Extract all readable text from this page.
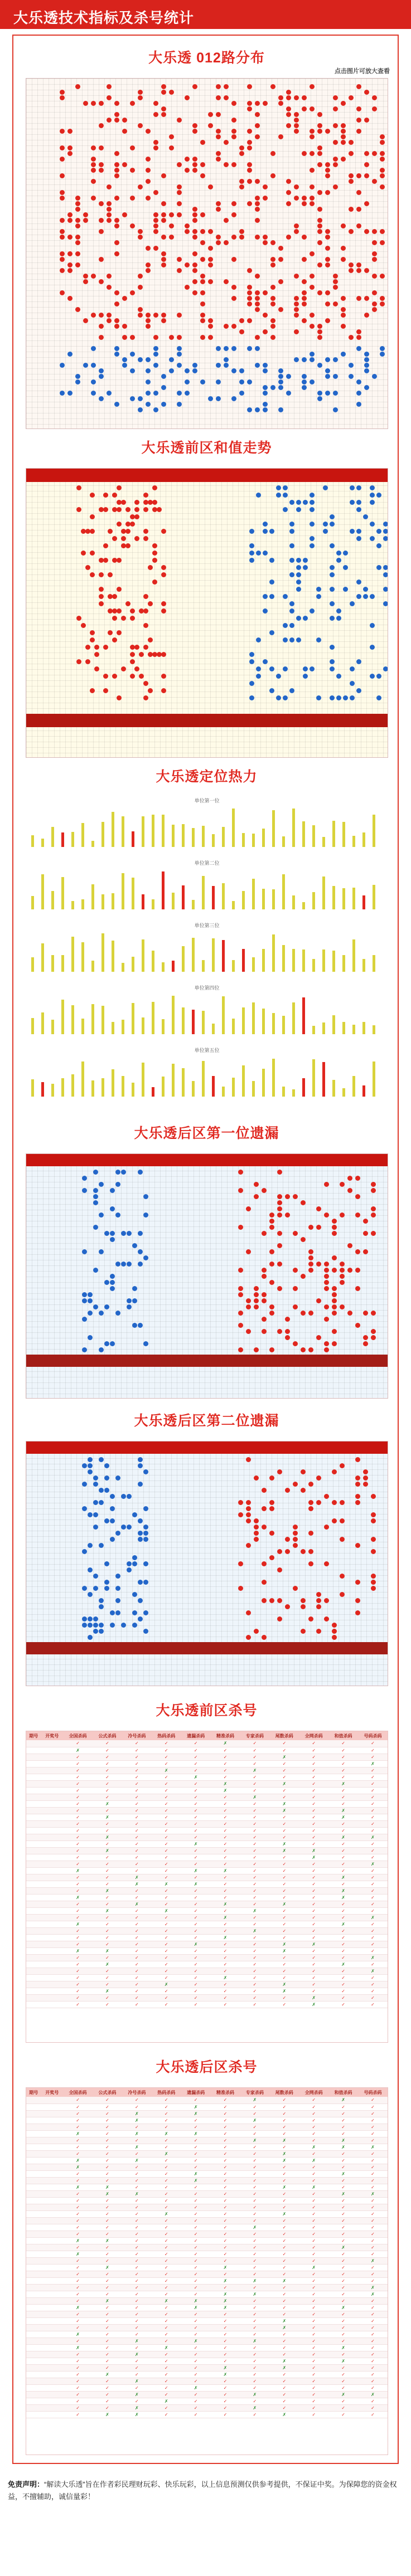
大乐透技术指标及杀号统计
大乐透 012路分布
点击图片可放大查看
大乐透前区和值走势
大乐透定位热力
单位第一位
单位第二位
单位第三位
单位第四位
单位第五位
大乐透后区第一位遗漏
大乐透后区第二位遗漏
大乐透前区杀号
期号	开奖号	全国杀码	公式杀码	冷号杀码	热码杀码	遗漏杀码	精准杀码	专家杀码	尾数杀码	全网杀码	和值杀码	号码杀码
		✓	✓	✓	✓	✓	✗	✓	✓	✓	✓	✓
		✗	✓	✓	✓	✓	✓	✓	✓	✓	✓	✓
		✓	✓	✓	✓	✓	✓	✓	✗	✓	✓	✓
		✓	✓	✓	✓	✓	✓	✓	✓	✓	✓	✗
		✓	✓	✓	✗	✓	✓	✗	✓	✓	✓	✓
		✓	✓	✓	✓	✗	✓	✓	✓	✓	✓	✓
		✓	✓	✓	✓	✓	✗	✓	✗	✓	✗	✓
		✓	✓	✓	✓	✓	✗	✓	✓	✓	✓	✓
		✓	✓	✓	✓	✓	✓	✗	✓	✓	✓	✓
		✓	✗	✓	✓	✓	✓	✓	✗	✓	✓	✓
		✓	✓	✓	✓	✓	✓	✓	✗	✓	✗	✓
		✓	✗	✓	✓	✓	✓	✓	✓	✓	✗	✓
		✓	✓	✓	✓	✓	✓	✓	✓	✓	✓	✓
		✓	✓	✓	✓	✓	✓	✓	✓	✓	✓	✓
		✓	✗	✓	✓	✓	✓	✓	✓	✓	✗	✗
		✓	✓	✓	✓	✗	✓	✓	✗	✓	✓	✓
		✓	✗	✓	✓	✓	✓	✓	✗	✗	✓	✓
		✓	✓	✓	✓	✓	✓	✓	✓	✗	✓	✓
		✓	✓	✓	✓	✓	✓	✓	✓	✓	✓	✗
		✗	✓	✓	✓	✗	✗	✓	✓	✓	✓	✓
		✓	✓	✗	✓	✓	✓	✓	✓	✓	✗	✓
		✓	✓	✗	✗	✗	✓	✓	✓	✓	✓	✓
		✓	✗	✓	✓	✓	✓	✓	✓	✓	✗	✓
		✗	✓	✓	✓	✓	✓	✓	✓	✓	✗	✓
		✓	✓	✗	✓	✓	✗	✓	✗	✓	✓	✓
		✓	✗	✓	✗	✓	✓	✗	✓	✓	✓	✓
		✓	✓	✓	✓	✓	✗	✓	✓	✓	✓	✗
		✗	✓	✓	✓	✓	✓	✓	✓	✓	✗	✓
		✓	✓	✓	✓	✓	✓	✗	✓	✓	✓	✓
		✓	✓	✓	✓	✓	✗	✓	✓	✓	✓	✓
		✓	✓	✓	✓	✗	✓	✓	✗	✗	✓	✓
		✗	✗	✓	✓	✓	✓	✓	✗	✓	✓	✓
		✓	✓	✓	✓	✓	✓	✓	✓	✓	✓	✗
		✓	✗	✓	✓	✓	✓	✓	✓	✓	✗	✓
		✓	✓	✓	✓	✓	✓	✓	✓	✓	✓	✗
		✓	✓	✓	✓	✓	✗	✓	✓	✓	✓	✓
		✓	✓	✓	✗	✓	✓	✓	✗	✓	✓	✓
		✓	✗	✓	✓	✓	✓	✓	✗	✓	✓	✓
		✓	✓	✓	✓	✓	✓	✓	✓	✗	✓	✓
		✓	✓	✓	✓	✓	✓	✓	✓	✗	✓	✓
大乐透后区杀号
期号	开奖号	全国杀码	公式杀码	冷号杀码	热码杀码	遗漏杀码	精准杀码	专家杀码	尾数杀码	全网杀码	和值杀码	号码杀码
		✓	✓	✓	✓	✓	✓	✗	✓	✓	✗	✓
		✓	✓	✓	✓	✗	✓	✓	✓	✓	✓	✓
		✓	✓	✗	✓	✗	✓	✓	✓	✓	✓	✓
		✓	✓	✗	✓	✓	✓	✗	✓	✓	✓	✓
		✓	✓	✓	✓	✓	✓	✓	✓	✓	✓	✓
		✗	✓	✗	✗	✗	✓	✓	✓	✓	✓	✓
		✓	✓	✓	✓	✓	✓	✗	✗	✓	✗	✓
		✓	✓	✗	✓	✓	✓	✓	✓	✗	✗	✗
		✓	✓	✓	✗	✓	✓	✓	✗	✓	✓	✓
		✗	✓	✗	✓	✓	✓	✓	✗	✗	✓	✓
		✗	✓	✓	✓	✓	✓	✓	✓	✓	✓	✓
		✓	✓	✓	✓	✗	✓	✓	✓	✓	✗	✓
		✓	✓	✓	✓	✗	✓	✓	✓	✓	✓	✓
		✗	✗	✓	✓	✓	✓	✓	✗	✗	✓	✓
		✓	✗	✗	✓	✓	✓	✓	✓	✓	✗	✗
		✓	✓	✓	✓	✓	✓	✓	✓	✓	✓	✓
		✓	✓	✓	✓	✓	✓	✓	✓	✓	✓	✓
		✓	✓	✓	✗	✓	✓	✓	✗	✓	✓	✓
		✓	✓	✓	✓	✓	✓	✓	✓	✓	✓	✓
		✓	✓	✓	✓	✓	✓	✗	✓	✓	✓	✓
		✓	✓	✓	✓	✓	✓	✓	✓	✓	✓	✓
		✗	✗	✓	✓	✓	✓	✓	✓	✓	✓	✓
		✓	✓	✓	✓	✓	✓	✓	✓	✓	✗	✓
		✗	✓	✓	✓	✓	✓	✓	✓	✓	✓	✓
		✓	✓	✓	✓	✓	✓	✓	✓	✓	✓	✗
		✓	✗	✓	✓	✓	✗	✓	✓	✗	✓	✓
		✓	✓	✓	✓	✓	✓	✓	✓	✓	✓	✓
		✓	✓	✓	✓	✓	✗	✗	✗	✓	✓	✓
		✓	✓	✓	✓	✓	✓	✓	✓	✓	✓	✗
		✓	✓	✓	✓	✓	✗	✗	✓	✓	✓	✗
		✓	✗	✓	✗	✗	✗	✓	✓	✓	✓	✓
		✗	✓	✓	✓	✗	✗	✓	✓	✓	✗	✓
		✓	✓	✓	✓	✓	✓	✓	✓	✓	✓	✓
		✓	✓	✓	✓	✓	✓	✓	✗	✓	✓	✓
		✓	✓	✓	✓	✓	✓	✓	✗	✓	✓	✓
		✗	✓	✓	✓	✓	✓	✓	✓	✓	✓	✓
		✓	✓	✗	✓	✗	✓	✗	✓	✓	✓	✓
		✗	✓	✓	✗	✓	✓	✓	✓	✓	✗	✓
		✓	✓	✗	✓	✓	✓	✓	✓	✓	✓	✓
		✓	✓	✓	✓	✓	✓	✓	✗	✓	✗	✓
		✓	✓	✓	✓	✓	✗	✓	✗	✓	✓	✓
		✓	✗	✓	✓	✓	✗	✓	✓	✓	✓	✓
		✓	✓	✗	✓	✓	✓	✓	✓	✓	✓	✓
		✓	✓	✓	✓	✗	✓	✓	✓	✓	✓	✓
		✓	✓	✗	✓	✓	✓	✗	✓	✓	✗	✗
		✓	✓	✓	✗	✓	✓	✓	✓	✓	✓	✓
		✓	✓	✗	✓	✓	✓	✗	✓	✓	✓	✓
		✓	✗	✗	✓	✓	✓	✓	✗	✓	✓	✓
免责声明：“解读大乐透”旨在作者彩民理财玩彩、快乐玩彩，以上信息预测仅供参考提供，不保证中奖。为保障您的资金权益，不擅辅助，诚信量彩！
